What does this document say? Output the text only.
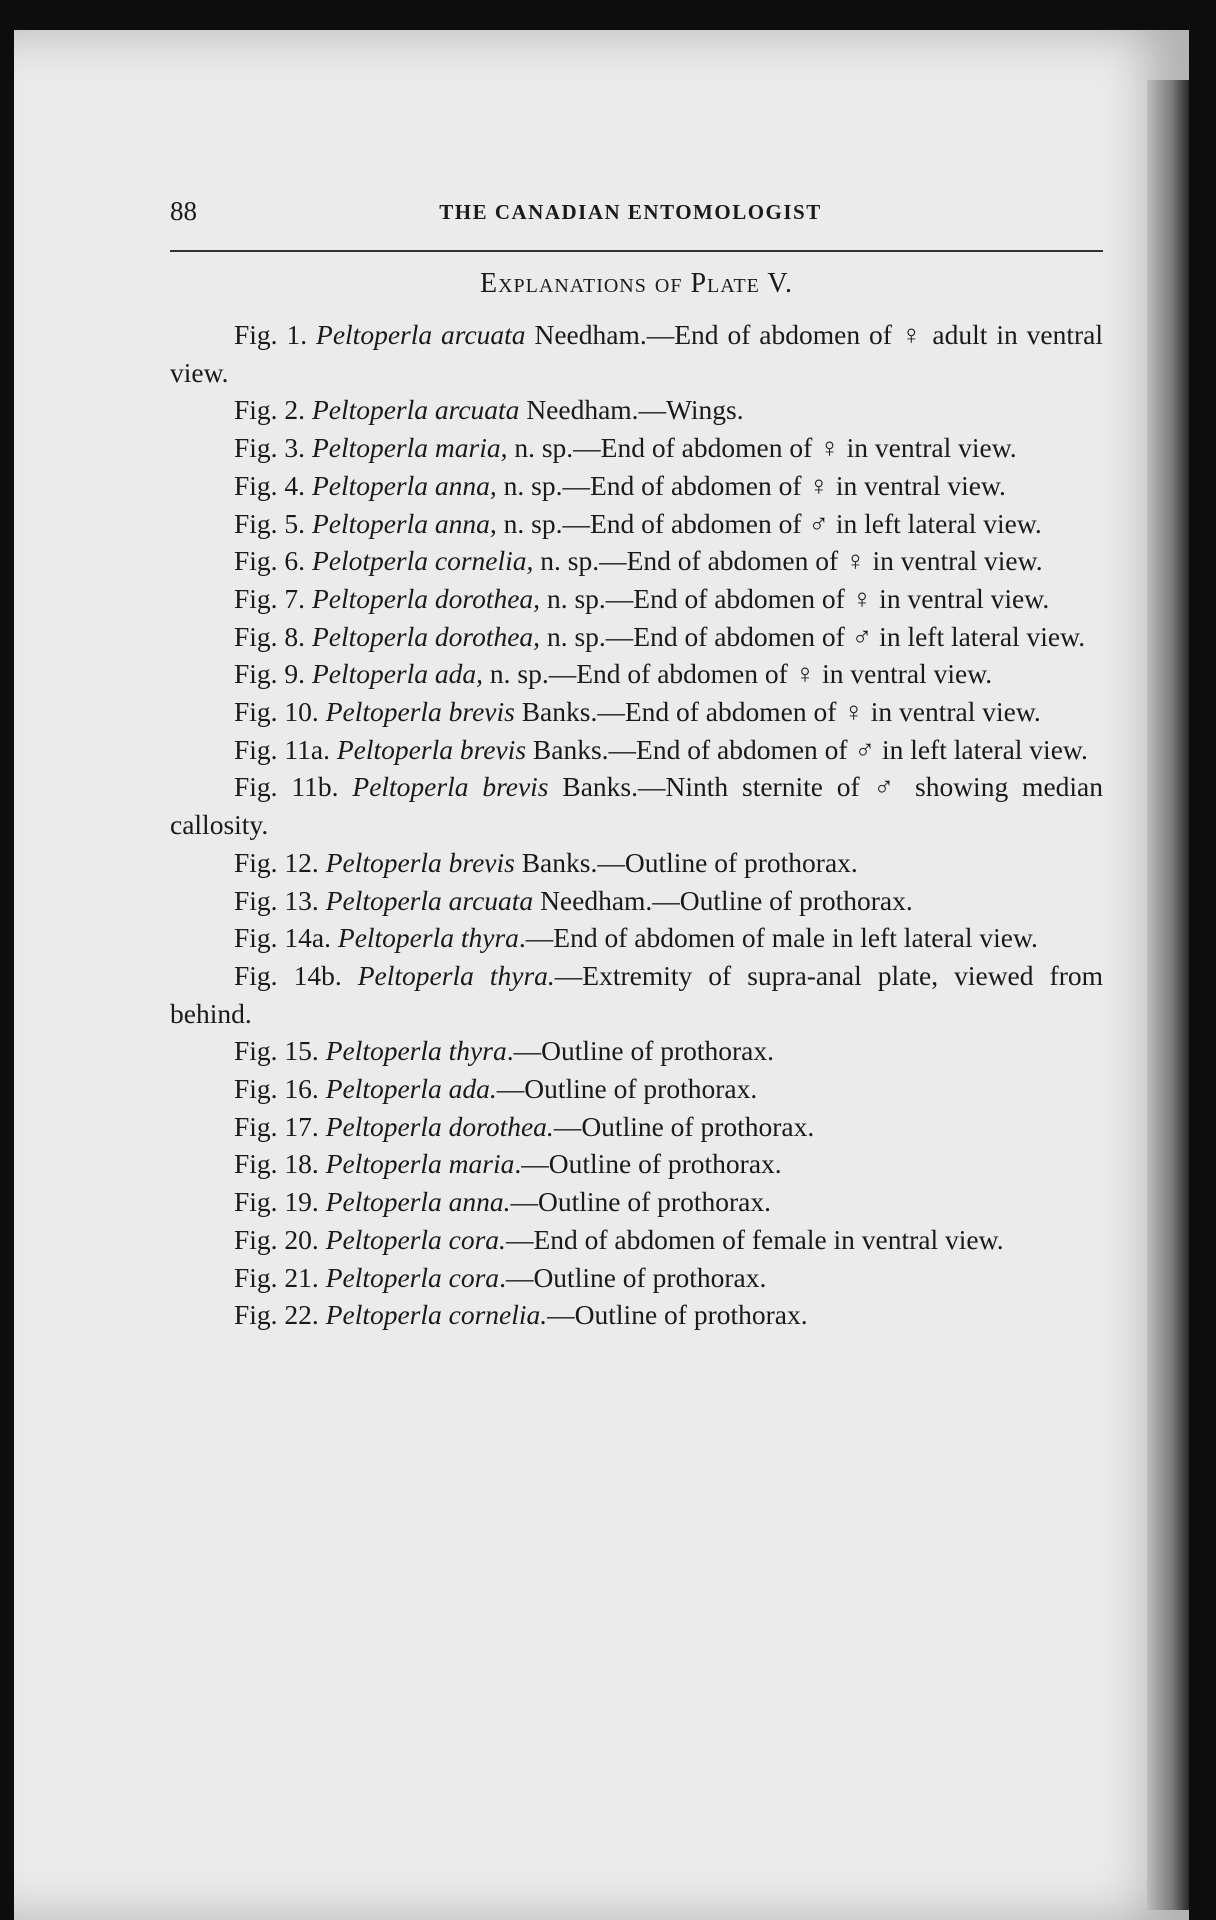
88	THE CANADIAN ENTOMOLOGIST
Explanations of Plate V.

Fig. 1. Peltoperla arcuata Needham.—End of abdomen of ♀ adult in ventral view.

Fig. 2. Peltoperla arcuata Needham.—Wings.

Fig. 3. Peltoperla maria, n. sp.—End of abdomen of ♀ in ventral view.

Fig. 4. Peltoperla anna, n. sp.—End of abdomen of ♀ in ventral view.

Fig. 5. Peltoperla anna, n. sp.—End of abdomen of ♂ in left lateral view.

Fig. 6. Pelotperla cornelia, n. sp.—End of abdomen of ♀ in ventral view.

Fig. 7. Peltoperla dorothea, n. sp.—End of abdomen of ♀ in ventral view.

Fig. 8. Peltoperla dorothea, n. sp.—End of abdomen of ♂ in left lateral view.

Fig. 9. Peltoperla ada, n. sp.—End of abdomen of ♀ in ventral view.

Fig. 10. Peltoperla brevis Banks.—End of abdomen of ♀ in ventral view.

Fig. 11a. Peltoperla brevis Banks.—End of abdomen of ♂ in left lateral view.

Fig. 11b. Peltoperla brevis Banks.—Ninth sternite of ♂ showing median callosity.

Fig. 12. Peltoperla brevis Banks.—Outline of prothorax.

Fig. 13. Peltoperla arcuata Needham.—Outline of prothorax.

Fig. 14a. Peltoperla thyra.—End of abdomen of male in left lateral view.

Fig. 14b. Peltoperla thyra.—Extremity of supra-anal plate, viewed from behind.

Fig. 15. Peltoperla thyra.—Outline of prothorax.

Fig. 16. Peltoperla ada.—Outline of prothorax.

Fig. 17. Peltoperla dorothea.—Outline of prothorax.

Fig. 18. Peltoperla maria.—Outline of prothorax.

Fig. 19. Peltoperla anna.—Outline of prothorax.

Fig. 20. Peltoperla cora.—End of abdomen of female in ventral view.

Fig. 21. Peltoperla cora.—Outline of prothorax.

Fig. 22. Peltoperla cornelia.—Outline of prothorax.
